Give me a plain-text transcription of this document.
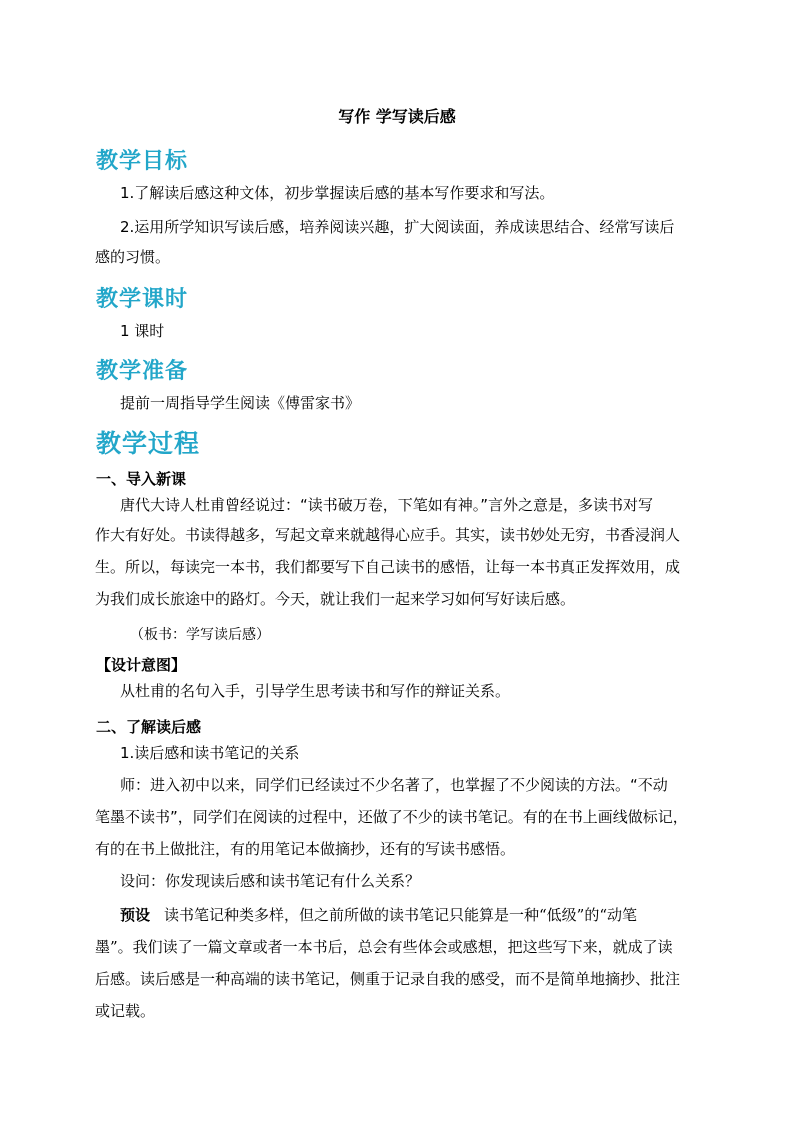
写作 学写读后感
教学目标
1.了解读后感这种文体，初步掌握读后感的基本写作要求和写法。
2.运用所学知识写读后感，培养阅读兴趣，扩大阅读面，养成读思结合、经常写读后
感的习惯。
教学课时
1 课时
教学准备
提前一周指导学生阅读《傅雷家书》
教学过程
一、导入新课
唐代大诗人杜甫曾经说过：“读书破万卷，下笔如有神。”言外之意是，多读书对写
作大有好处。书读得越多，写起文章来就越得心应手。其实，读书妙处无穷，书香浸润人
生。所以，每读完一本书，我们都要写下自己读书的感悟，让每一本书真正发挥效用，成
为我们成长旅途中的路灯。今天，就让我们一起来学习如何写好读后感。
（板书：学写读后感）
【设计意图】
从杜甫的名句入手，引导学生思考读书和写作的辩证关系。
二、了解读后感
1.读后感和读书笔记的关系
师：进入初中以来，同学们已经读过不少名著了，也掌握了不少阅读的方法。“不动
笔墨不读书”，同学们在阅读的过程中，还做了不少的读书笔记。有的在书上画线做标记，
有的在书上做批注，有的用笔记本做摘抄，还有的写读书感悟。
设问：你发现读后感和读书笔记有什么关系？
预设 读书笔记种类多样，但之前所做的读书笔记只能算是一种“低级”的“动笔
墨”。我们读了一篇文章或者一本书后，总会有些体会或感想，把这些写下来，就成了读
后感。读后感是一种高端的读书笔记，侧重于记录自我的感受，而不是简单地摘抄、批注
或记载。
